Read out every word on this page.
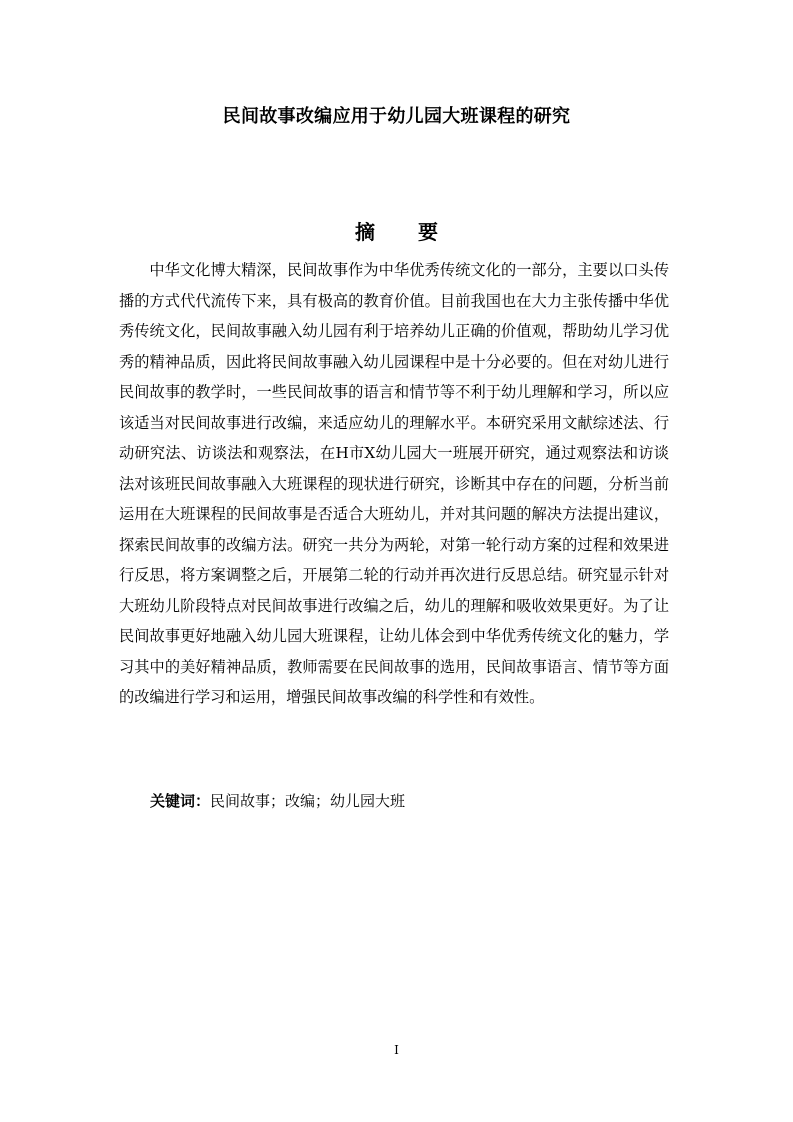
民间故事改编应用于幼儿园大班课程的研究
摘 要

中华文化博大精深，民间故事作为中华优秀传统文化的一部分，主要以口头传播的方式代代流传下来，具有极高的教育价值。目前我国也在大力主张传播中华优秀传统文化，民间故事融入幼儿园有利于培养幼儿正确的价值观，帮助幼儿学习优秀的精神品质，因此将民间故事融入幼儿园课程中是十分必要的。但在对幼儿进行民间故事的教学时，一些民间故事的语言和情节等不利于幼儿理解和学习，所以应该适当对民间故事进行改编，来适应幼儿的理解水平。本研究采用文献综述法、行动研究法、访谈法和观察法，在H市X幼儿园大一班展开研究，通过观察法和访谈法对该班民间故事融入大班课程的现状进行研究，诊断其中存在的问题，分析当前运用在大班课程的民间故事是否适合大班幼儿，并对其问题的解决方法提出建议，探索民间故事的改编方法。研究一共分为两轮，对第一轮行动方案的过程和效果进行反思，将方案调整之后，开展第二轮的行动并再次进行反思总结。研究显示针对大班幼儿阶段特点对民间故事进行改编之后，幼儿的理解和吸收效果更好。为了让民间故事更好地融入幼儿园大班课程，让幼儿体会到中华优秀传统文化的魅力，学习其中的美好精神品质，教师需要在民间故事的选用，民间故事语言、情节等方面的改编进行学习和运用，增强民间故事改编的科学性和有效性。

关键词：民间故事；改编；幼儿园大班
I
